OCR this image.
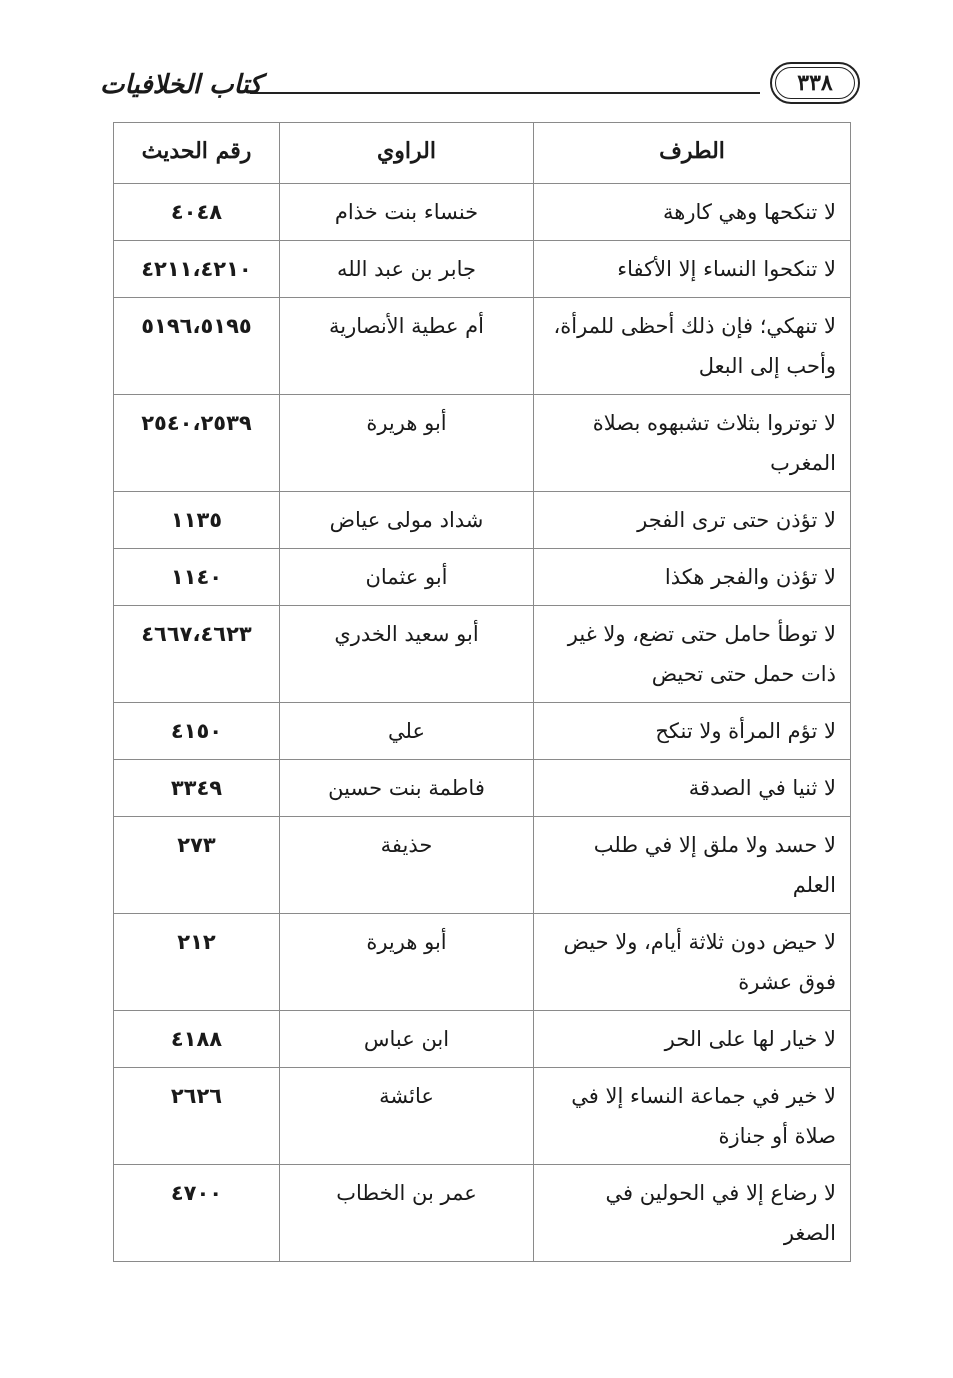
٣٣٨
كتاب الخلافيات
الطرف	الراوي	رقم الحديث
لا تنكحها وهي كارهة	خنساء بنت خذام	٤٠٤٨
لا تنكحوا النساء إلا الأكفاء	جابر بن عبد الله	٤٢١١،٤٢١٠
لا تنهكي؛ فإن ذلك أحظى للمرأة، وأحب إلى البعل	أم عطية الأنصارية	٥١٩٦،٥١٩٥
لا توتروا بثلاث تشبهوه بصلاة المغرب	أبو هريرة	٢٥٤٠،٢٥٣٩
لا تؤذن حتى ترى الفجر	شداد مولى عياض	١١٣٥
لا تؤذن والفجر هكذا	أبو عثمان	١١٤٠
لا توطأ حامل حتى تضع، ولا غير ذات حمل حتى تحيض	أبو سعيد الخدري	٤٦٦٧،٤٦٢٣
لا تؤم المرأة ولا تنكح	علي	٤١٥٠
لا ثنيا في الصدقة	فاطمة بنت حسين	٣٣٤٩
لا حسد ولا ملق إلا في طلب العلم	حذيفة	٢٧٣
لا حيض دون ثلاثة أيام، ولا حيض فوق عشرة	أبو هريرة	٢١٢
لا خيار لها على الحر	ابن عباس	٤١٨٨
لا خير في جماعة النساء إلا في صلاة أو جنازة	عائشة	٢٦٢٦
لا رضاع إلا في الحولين في الصغر	عمر بن الخطاب	٤٧٠٠
